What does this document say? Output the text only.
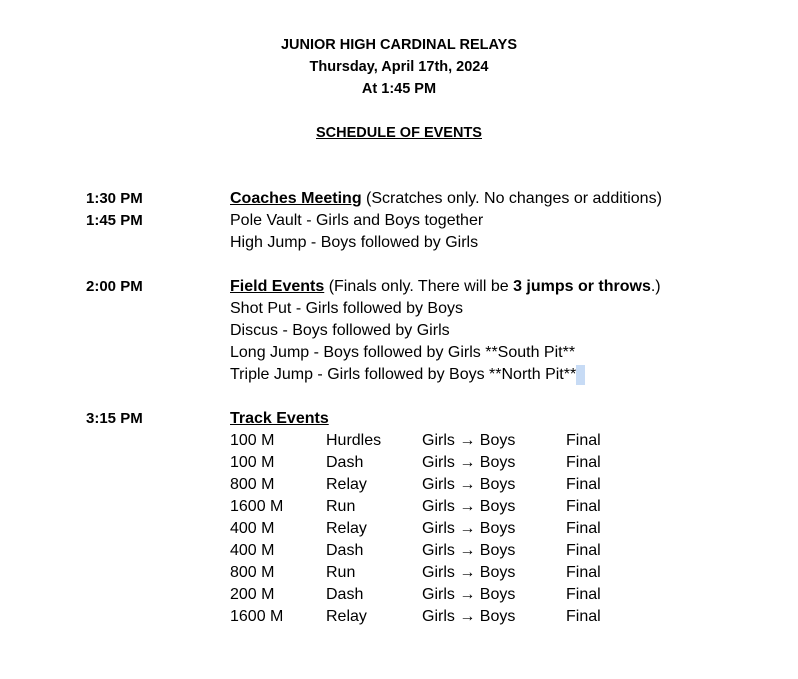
JUNIOR HIGH CARDINAL RELAYS
Thursday, April 17th, 2024
At 1:45 PM
SCHEDULE OF EVENTS
1:30 PM	Coaches Meeting (Scratches only. No changes or additions)
1:45 PM	Pole Vault - Girls and Boys together
High Jump - Boys followed by Girls
2:00 PM	Field Events (Finals only. There will be 3 jumps or throws.)
Shot Put - Girls followed by Boys
Discus - Boys followed by Girls
Long Jump - Boys followed by Girls **South Pit**
Triple Jump - Girls followed by Boys **North Pit**
3:15 PM	Track Events
100 M	Hurdles	Girls → Boys	Final
100 M	Dash	Girls → Boys	Final
800 M	Relay	Girls → Boys	Final
1600 M	Run	Girls → Boys	Final
400 M	Relay	Girls → Boys	Final
400 M	Dash	Girls → Boys	Final
800 M	Run	Girls → Boys	Final
200 M	Dash	Girls → Boys	Final
1600 M	Relay	Girls → Boys	Final
